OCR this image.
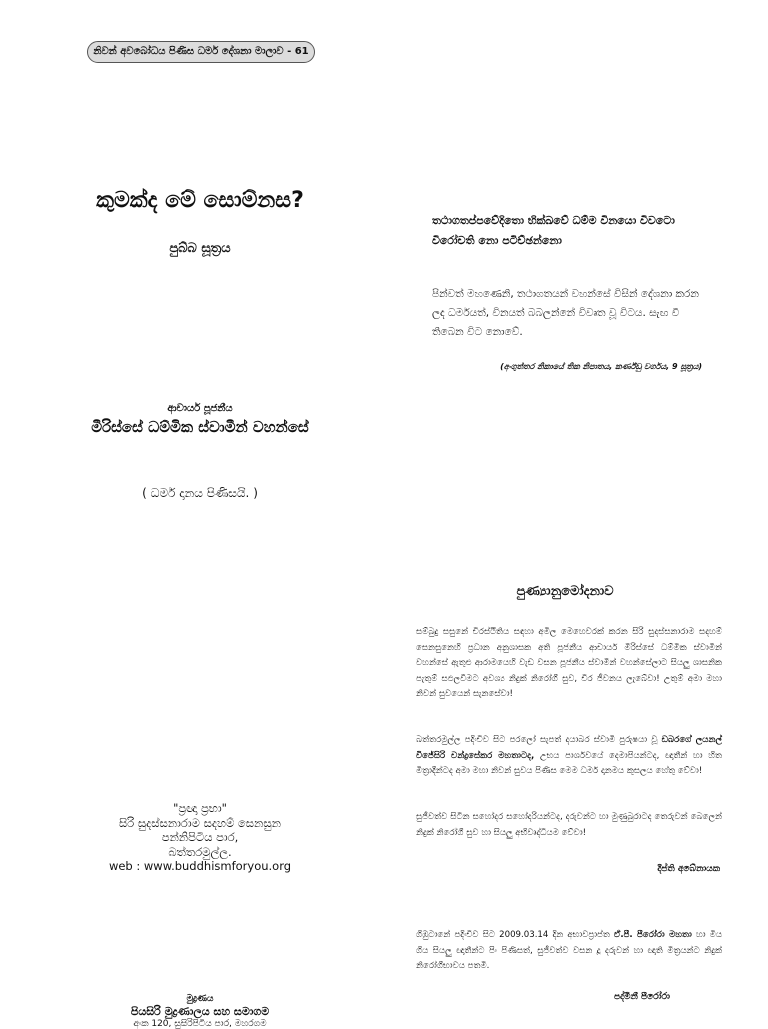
නිවන් අවබෝධය පිණිස ධර්ම දේශනා මාලාව - 61
කුමක්ද මේ සොම්නස?
පුබ්බ සූත්‍රය
ආචාර්ය පූජනීය
මීරිස්සේ ධම්මික ස්වාමීන් වහන්සේ
( ධර්ම දානය පිණිසයි. )
තථාගතප්පවේදිතො භික්ඛවේ ධම්ම විනයො විවටො විරෝචති නො පටිච්ඡන්නො
පින්වත් මහණෙනි, තථාගතයන් වහන්සේ විසින් දේශනා කරන ලද ධර්මයත්, විනයත් බබලන්නේ විවෘත වූ විටය. සැඟ වී තිබෙන විට නොවේ.
(අංගුත්තර නිකායේ තික නිපාතය, කර්ණ්‍ඩු වර්ගය, 9 සූත්‍රය)
"ප්‍රඥා ප්‍රභා"
සිරි සුදස්සනාරාම සදහම් සෙනසුන
පන්නිපිටිය පාර,
බත්තරමුල්ල.
web : www.buddhismforyou.org
මුද්‍රණය
පියසිරි මුද්‍රණාලය සහ සමාගම
අංක 120, සුසිරිපිටිය පාර, මහරගම
පුණ්‍යානුමෝදනාව
සම්බුදු සසුනේ චිරස්ථිතිය සඳහා අමිල මෙහෙවරක් කරන සිරි සුදස්සනාරාම සදහම් සෙනසුනෙහි ප්‍රධාන අනුශාසක අති පූජනීය ආචාර්ය මීරිස්සේ ධම්මික ස්වාමීන් වහන්සේ ඇතුළු ආරාමයෙහි වැඩ වසන පූජනීය ස්වාමීන් වහන්සේලාට සියලු ශාසනික පැතුම් සඵලවීමට අවශ්‍ය නිදුක් නිරෝගී සුව, චිර ජීවනය ලැබේවා! උතුම් අමා මහා නිවන් සුවයෙන් සැනසේවා!
බත්තරමුල්ල පදිංචිව සිට පරලෝ සැපත් දයාබර ස්වාමි පුරුෂයා වූ ඩබරගේ ලයනල් විජේසිරි චන්ද්‍රසේකර මහතාටද, උභය පාර්ශවයේ දෙමාපියන්ටද, ඥාතීන් හා හිත මිත්‍රාදීන්ටද අමා මහා නිවන් සුවය පිණිස මෙම ධර්ම දානමය කුසලය හේතු වේවා!
සුජීවත්ව සිටින සහෝදර සහෝදරියන්ටද, දරුවන්ට හා මුණුබුරාටද තෙරුවන් බෙලෙන් නිදුක් නිරෝගී සුව හා සියලු අභිවෘද්ධියම වේවා!
දීප්ති අබේනායක
ගිඹුටානේ පදිංචිව සිට 2009.03.14 දින අභාවප්‍රාප්ත ඒ.පී. පීරෝරා මහතා හා මිය ගිය සියලු ඥාතීන්ට පිං පිණිසත්, සුජීවත්ව වසන දූ දරුවන් හා ඥාති මිත්‍රයන්ට නිදුක් නිරෝගීභාවය පතමි.
පද්මිනී පීරෝරා
